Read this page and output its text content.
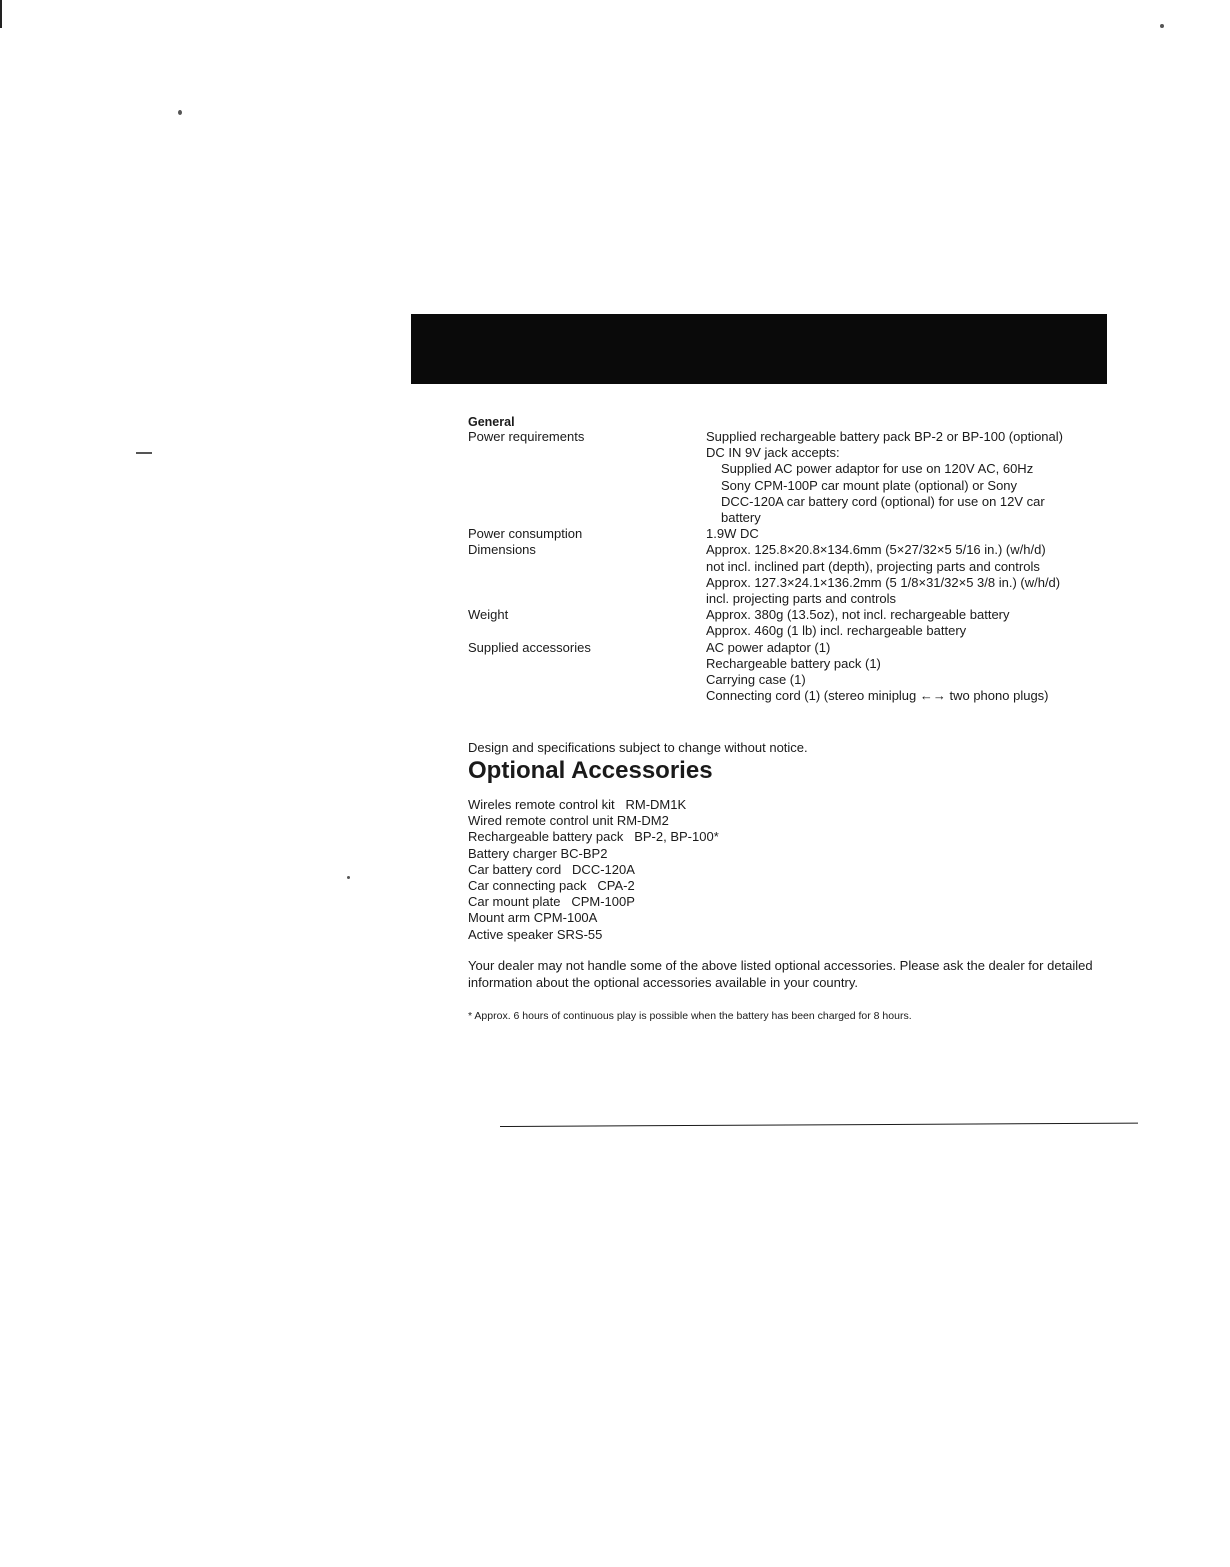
General
Power requirements	Supplied rechargeable battery pack BP-2 or BP-100 (optional)
DC IN 9V jack accepts:
Supplied AC power adaptor for use on 120V AC, 60Hz
Sony CPM-100P car mount plate (optional) or Sony
DCC-120A car battery cord (optional) for use on 12V car
battery
Power consumption	1.9W DC
Dimensions	Approx. 125.8×20.8×134.6mm (5×27/32×5 5/16 in.) (w/h/d)
not incl. inclined part (depth), projecting parts and controls
Approx. 127.3×24.1×136.2mm (5 1/8×31/32×5 3/8 in.) (w/h/d)
incl. projecting parts and controls
Weight	Approx. 380g (13.5oz), not incl. rechargeable battery
Approx. 460g (1 lb) incl. rechargeable battery
Supplied accessories	AC power adaptor (1)
Rechargeable battery pack (1)
Carrying case (1)
Connecting cord (1) (stereo miniplug ←→ two phono plugs)
Optional Accessories
Design and specifications subject to change without notice.
Wireles remote control kit   RM-DM1K
Wired remote control unit RM-DM2
Rechargeable battery pack   BP-2, BP-100*
Battery charger BC-BP2
Car battery cord   DCC-120A
Car connecting pack   CPA-2
Car mount plate   CPM-100P
Mount arm CPM-100A
Active speaker SRS-55
Your dealer may not handle some of the above listed optional accessories. Please ask the dealer for detailed information about the optional accessories available in your country.
* Approx. 6 hours of continuous play is possible when the battery has been charged for 8 hours.
